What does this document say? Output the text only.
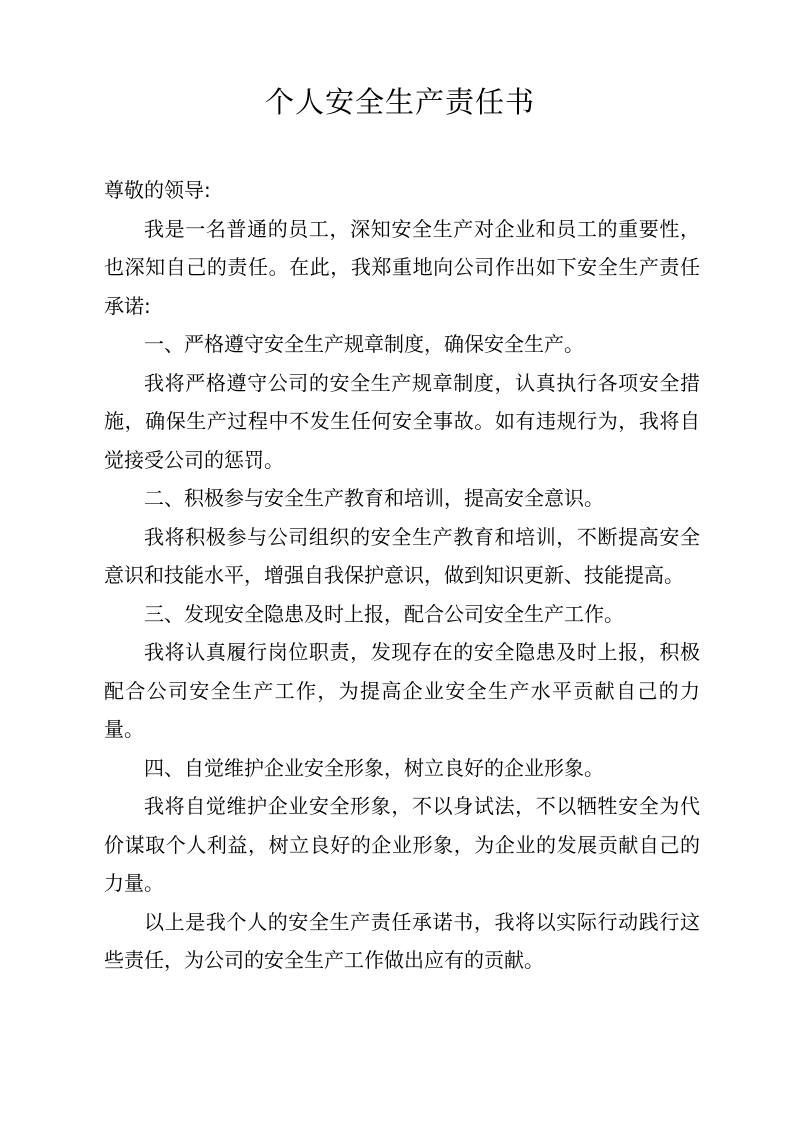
个人安全生产责任书

尊敬的领导:

我是一名普通的员工，深知安全生产对企业和员工的重要性，也深知自己的责任。在此，我郑重地向公司作出如下安全生产责任承诺:

一、严格遵守安全生产规章制度，确保安全生产。

我将严格遵守公司的安全生产规章制度，认真执行各项安全措施，确保生产过程中不发生任何安全事故。如有违规行为，我将自觉接受公司的惩罚。

二、积极参与安全生产教育和培训，提高安全意识。

我将积极参与公司组织的安全生产教育和培训，不断提高安全意识和技能水平，增强自我保护意识，做到知识更新、技能提高。

三、发现安全隐患及时上报，配合公司安全生产工作。

我将认真履行岗位职责，发现存在的安全隐患及时上报，积极配合公司安全生产工作，为提高企业安全生产水平贡献自己的力量。

四、自觉维护企业安全形象，树立良好的企业形象。

我将自觉维护企业安全形象，不以身试法，不以牺牲安全为代价谋取个人利益，树立良好的企业形象，为企业的发展贡献自己的力量。

以上是我个人的安全生产责任承诺书，我将以实际行动践行这些责任，为公司的安全生产工作做出应有的贡献。
